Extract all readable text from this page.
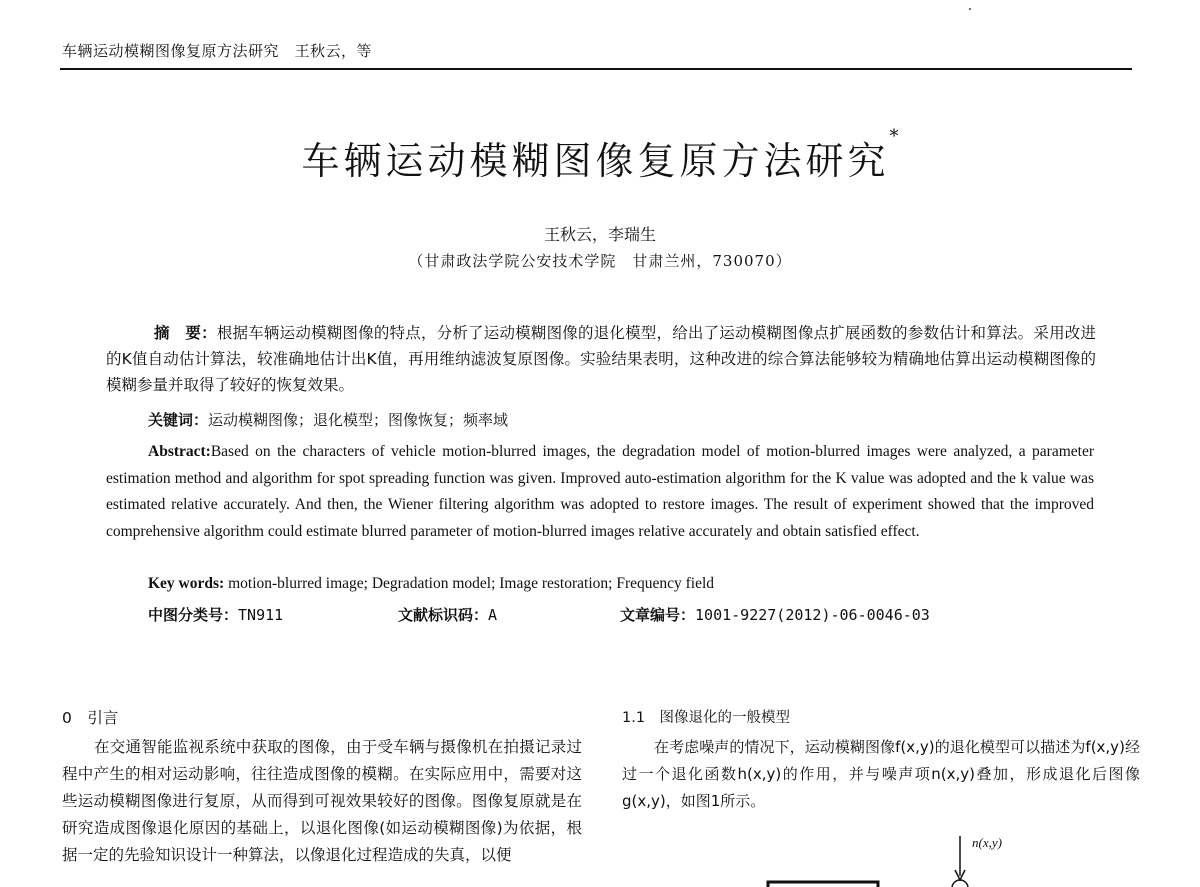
车辆运动模糊图像复原方法研究　王秋云，等
车辆运动模糊图像复原方法研究*
王秋云，李瑞生
（甘肃政法学院公安技术学院　甘肃兰州，730070）
摘　要：根据车辆运动模糊图像的特点，分析了运动模糊图像的退化模型，给出了运动模糊图像点扩展函数的参数估计和算法。采用改进的K值自动估计算法，较准确地估计出K值，再用维纳滤波复原图像。实验结果表明，这种改进的综合算法能够较为精确地估算出运动模糊图像的模糊参量并取得了较好的恢复效果。
关键词：运动模糊图像；退化模型；图像恢复；频率域
Abstract:Based on the characters of vehicle motion-blurred images, the degradation model of motion-blurred images were analyzed, a parameter estimation method and algorithm for spot spreading function was given. Improved auto-estimation algorithm for the K value was adopted and the k value was estimated relative accurately. And then, the Wiener filtering algorithm was adopted to restore images. The result of experiment showed that the improved comprehensive algorithm could estimate blurred parameter of motion-blurred images relative accurately and obtain satisfied effect.
Key words: motion-blurred image; Degradation model; Image restoration; Frequency field
中图分类号：TN911	文献标识码：A	文章编号：1001-9227(2012)-06-0046-03
0　引言
在交通智能监视系统中获取的图像，由于受车辆与摄像机在拍摄记录过程中产生的相对运动影响，往往造成图像的模糊。在实际应用中，需要对这些运动模糊图像进行复原，从而得到可视效果较好的图像。图像复原就是在研究造成图像退化原因的基础上，以退化图像(如运动模糊图像)为依据，根据一定的先验知识设计一种算法，以像退化过程造成的失真，以便
1.1　图像退化的一般模型
在考虑噪声的情况下，运动模糊图像f(x,y)的退化模型可以描述为f(x,y)经过一个退化函数h(x,y)的作用，并与噪声项n(x,y)叠加，形成退化后图像g(x,y)，如图1所示。
n(x,y)
